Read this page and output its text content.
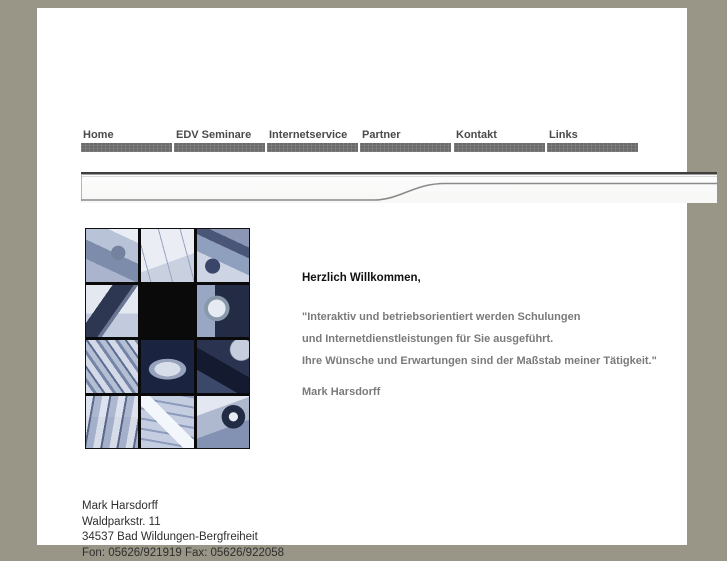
Home	EDV Seminare	Internetservice	Partner	Kontakt	Links
Herzlich Willkommen,
"Interaktiv und betriebsorientiert werden Schulungen
und Internetdienstleistungen für Sie ausgeführt.
Ihre Wünsche und Erwartungen sind der Maßstab meiner Tätigkeit."
Mark Harsdorff
Mark Harsdorff
Waldparkstr. 11
34537 Bad Wildungen-Bergfreiheit
Fon: 05626/921919 Fax: 05626/922058
